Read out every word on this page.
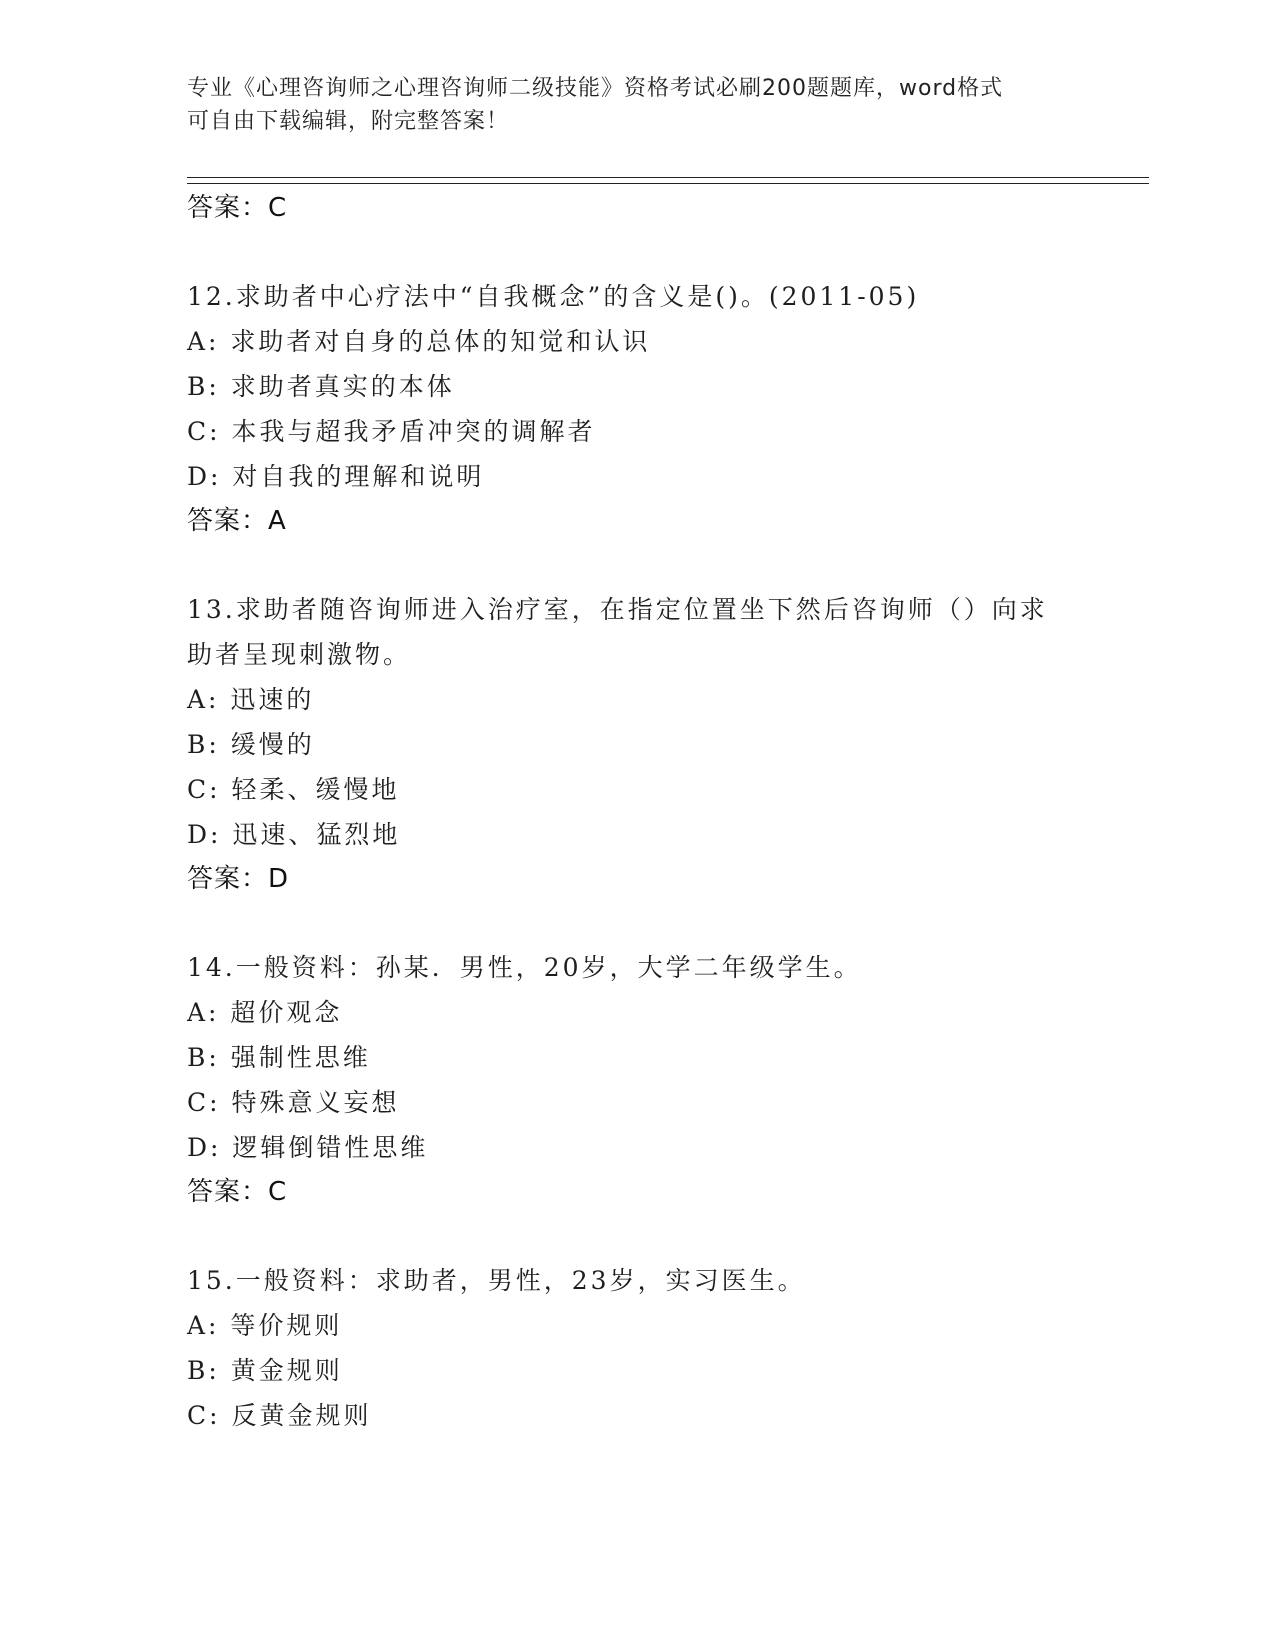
专业《心理咨询师之心理咨询师二级技能》资格考试必刷200题题库，word格式
可自由下载编辑，附完整答案！
答案：C
12.求助者中心疗法中“自我概念”的含义是()。(2011-05)
A: 求助者对自身的总体的知觉和认识
B: 求助者真实的本体
C: 本我与超我矛盾冲突的调解者
D: 对自我的理解和说明
答案：A
13.求助者随咨询师进入治疗室，在指定位置坐下然后咨询师（）向求
助者呈现刺激物。
A: 迅速的
B: 缓慢的
C: 轻柔、缓慢地
D: 迅速、猛烈地
答案：D
14.一般资料：孙某．男性，20岁，大学二年级学生。
A: 超价观念
B: 强制性思维
C: 特殊意义妄想
D: 逻辑倒错性思维
答案：C
15.一般资料：求助者，男性，23岁，实习医生。
A: 等价规则
B: 黄金规则
C: 反黄金规则
